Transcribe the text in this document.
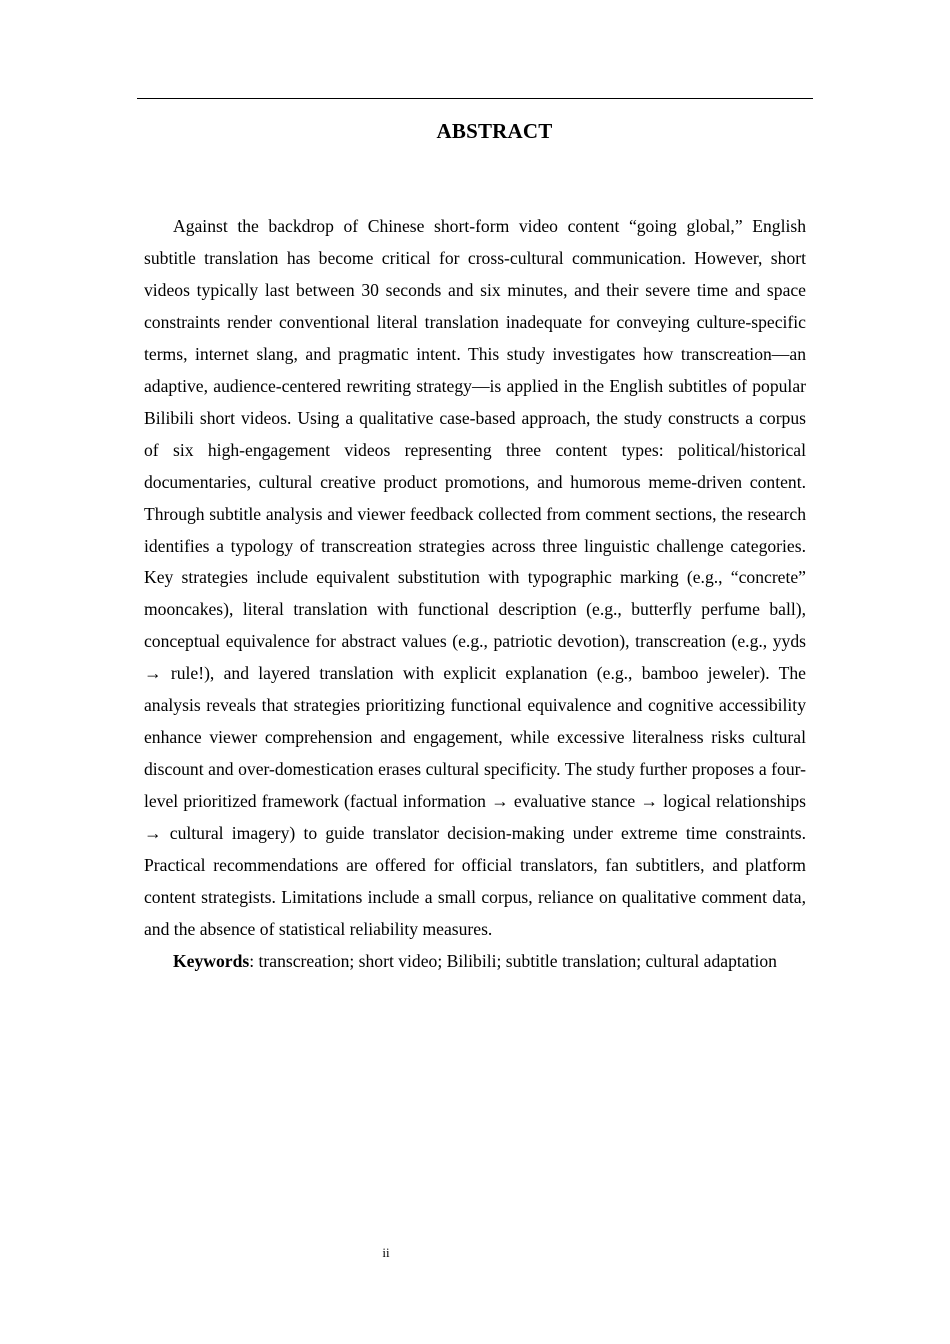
ABSTRACT

Against the backdrop of Chinese short-form video content “going global,” English subtitle translation has become critical for cross-cultural communication. However, short videos typically last between 30 seconds and six minutes, and their severe time and space constraints render conventional literal translation inadequate for conveying culture-specific terms, internet slang, and pragmatic intent. This study investigates how transcreation—an adaptive, audience-centered rewriting strategy—is applied in the English subtitles of popular Bilibili short videos. Using a qualitative case-based approach, the study constructs a corpus of six high-engagement videos representing three content types: political/historical documentaries, cultural creative product promotions, and humorous meme-driven content. Through subtitle analysis and viewer feedback collected from comment sections, the research identifies a typology of transcreation strategies across three linguistic challenge categories. Key strategies include equivalent substitution with typographic marking (e.g., “concrete” mooncakes), literal translation with functional description (e.g., butterfly perfume ball), conceptual equivalence for abstract values (e.g., patriotic devotion), transcreation (e.g., yyds → rule!), and layered translation with explicit explanation (e.g., bamboo jeweler). The analysis reveals that strategies prioritizing functional equivalence and cognitive accessibility enhance viewer comprehension and engagement, while excessive literalness risks cultural discount and over-domestication erases cultural specificity. The study further proposes a four-level prioritized framework (factual information → evaluative stance → logical relationships → cultural imagery) to guide translator decision-making under extreme time constraints. Practical recommendations are offered for official translators, fan subtitlers, and platform content strategists. Limitations include a small corpus, reliance on qualitative comment data, and the absence of statistical reliability measures.

Keywords: transcreation; short video; Bilibili; subtitle translation; cultural adaptation

ii
